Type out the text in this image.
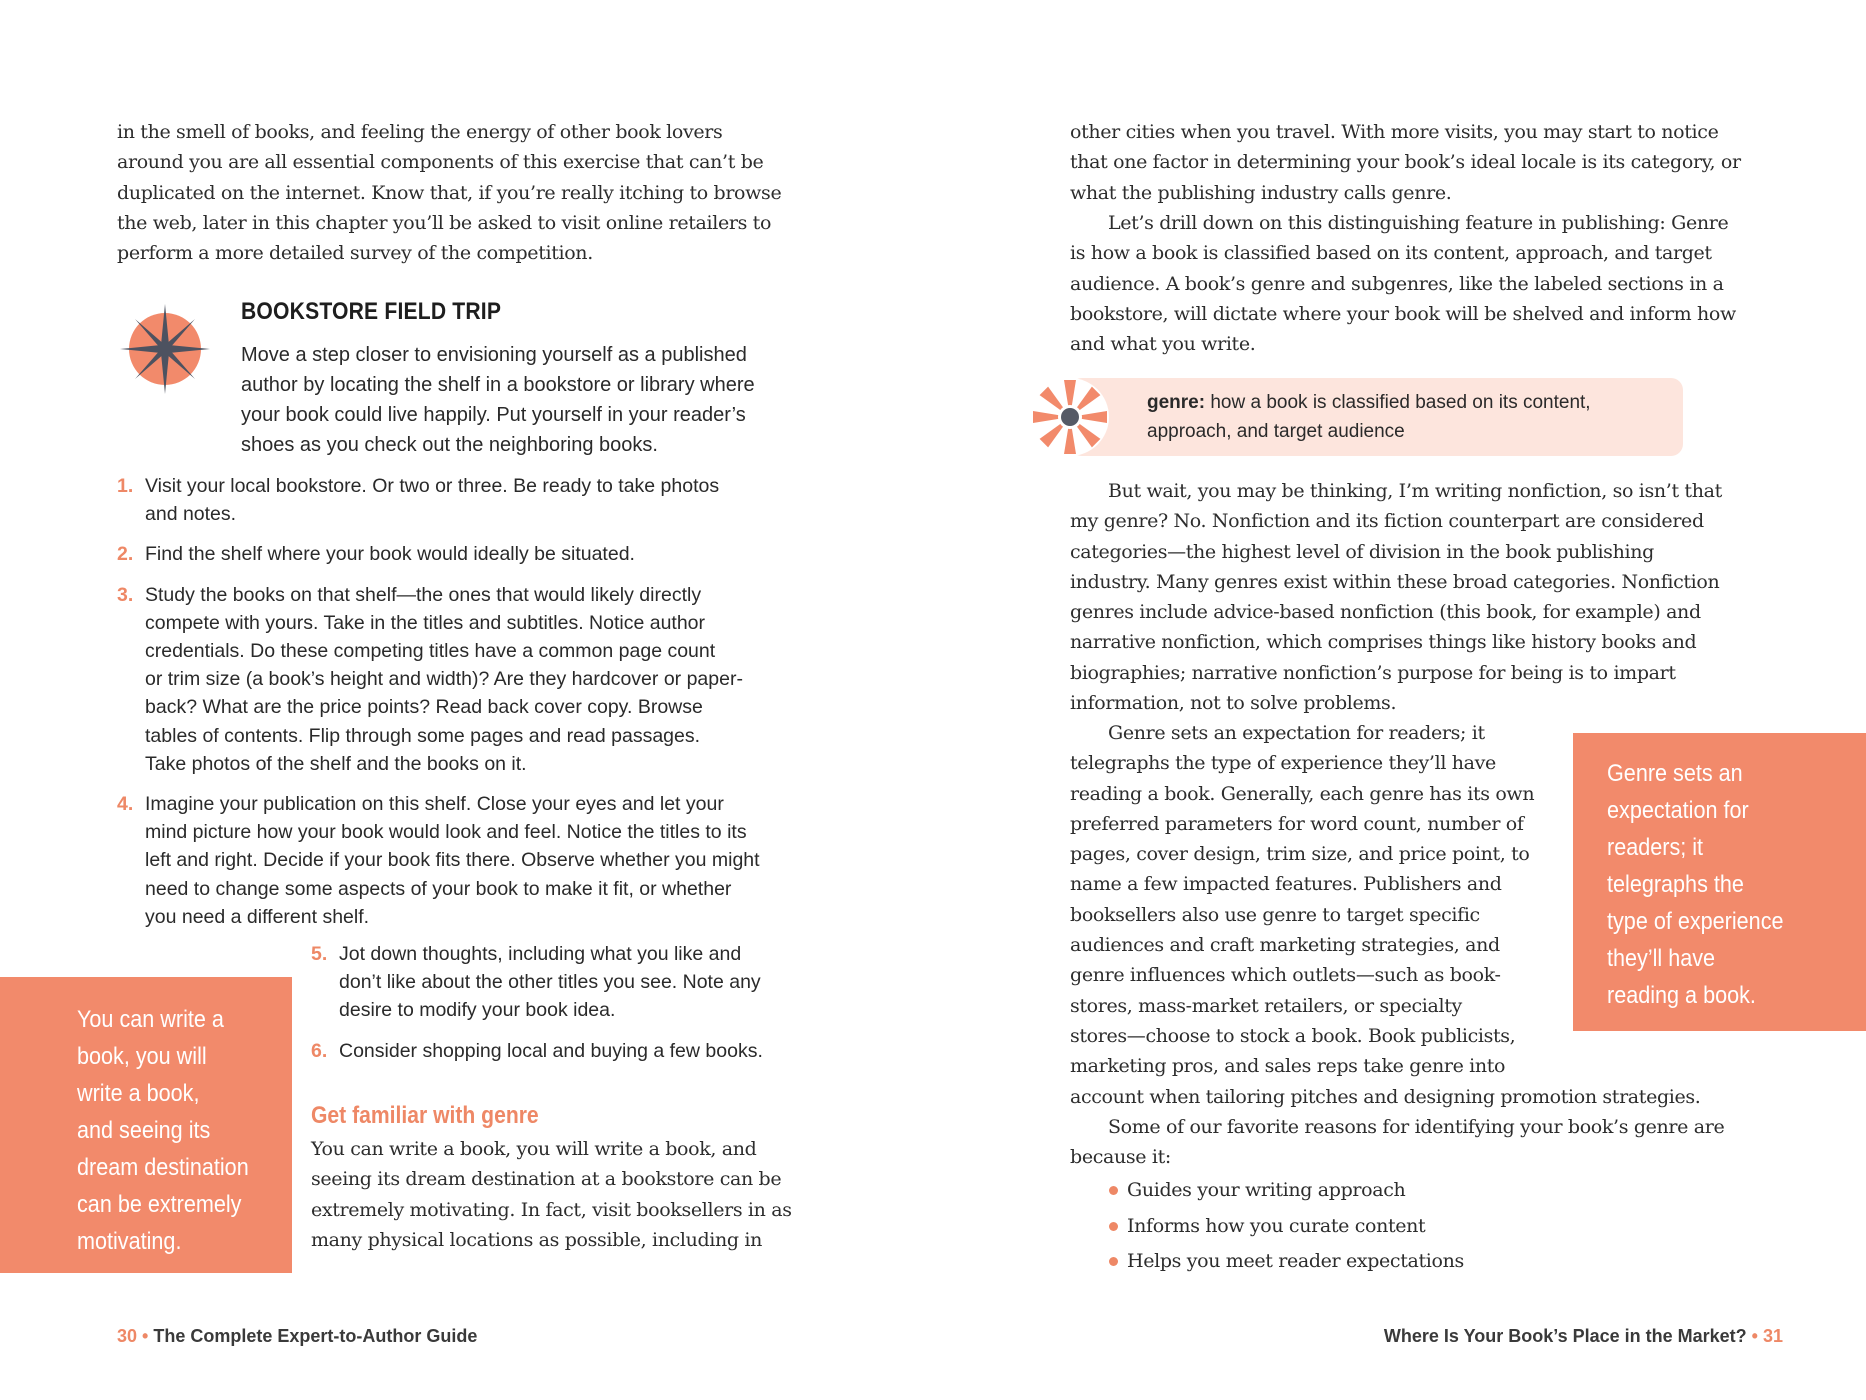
in the smell of books, and feeling the energy of other book lovers
around you are all essential components of this exercise that can’t be
duplicated on the internet. Know that, if you’re really itching to browse
the web, later in this chapter you’ll be asked to visit online retailers to
perform a more detailed survey of the competition.
BOOKSTORE FIELD TRIP
Move a step closer to envisioning yourself as a published
author by locating the shelf in a bookstore or library where
your book could live happily. Put yourself in your reader’s
shoes as you check out the neighboring books.
1. Visit your local bookstore. Or two or three. Be ready to take photos
and notes.
2. Find the shelf where your book would ideally be situated.
3. Study the books on that shelf—the ones that would likely directly
compete with yours. Take in the titles and subtitles. Notice author
credentials. Do these competing titles have a common page count
or trim size (a book’s height and width)? Are they hardcover or paper-
back? What are the price points? Read back cover copy. Browse
tables of contents. Flip through some pages and read passages.
Take photos of the shelf and the books on it.
4. Imagine your publication on this shelf. Close your eyes and let your
mind picture how your book would look and feel. Notice the titles to its
left and right. Decide if your book fits there. Observe whether you might
need to change some aspects of your book to make it fit, or whether
you need a different shelf.
5. Jot down thoughts, including what you like and
don’t like about the other titles you see. Note any
desire to modify your book idea.
6. Consider shopping local and buying a few books.
You can write a
book, you will
write a book,
and seeing its
dream destination
can be extremely
motivating.
Get familiar with genre
You can write a book, you will write a book, and
seeing its dream destination at a bookstore can be
extremely motivating. In fact, visit booksellers in as
many physical locations as possible, including in
30 • The Complete Expert-to-Author Guide
other cities when you travel. With more visits, you may start to notice
that one factor in determining your book’s ideal locale is its category, or
what the publishing industry calls genre.
Let’s drill down on this distinguishing feature in publishing: Genre
is how a book is classified based on its content, approach, and target
audience. A book’s genre and subgenres, like the labeled sections in a
bookstore, will dictate where your book will be shelved and inform how
and what you write.
genre: how a book is classified based on its content,
approach, and target audience
But wait, you may be thinking, I’m writing nonfiction, so isn’t that
my genre? No. Nonfiction and its fiction counterpart are considered
categories—the highest level of division in the book publishing
industry. Many genres exist within these broad categories. Nonfiction
genres include advice-based nonfiction (this book, for example) and
narrative nonfiction, which comprises things like history books and
biographies; narrative nonfiction’s purpose for being is to impart
information, not to solve problems.
Genre sets an expectation for readers; it
telegraphs the type of experience they’ll have
reading a book. Generally, each genre has its own
preferred parameters for word count, number of
pages, cover design, trim size, and price point, to
name a few impacted features. Publishers and
booksellers also use genre to target specific
audiences and craft marketing strategies, and
genre influences which outlets—such as book-
stores, mass-market retailers, or specialty
stores—choose to stock a book. Book publicists,
marketing pros, and sales reps take genre into
account when tailoring pitches and designing promotion strategies.
Some of our favorite reasons for identifying your book’s genre are
because it:
Guides your writing approach
Informs how you curate content
Helps you meet reader expectations
Genre sets an
expectation for
readers; it
telegraphs the
type of experience
they’ll have
reading a book.
Where Is Your Book’s Place in the Market? • 31
